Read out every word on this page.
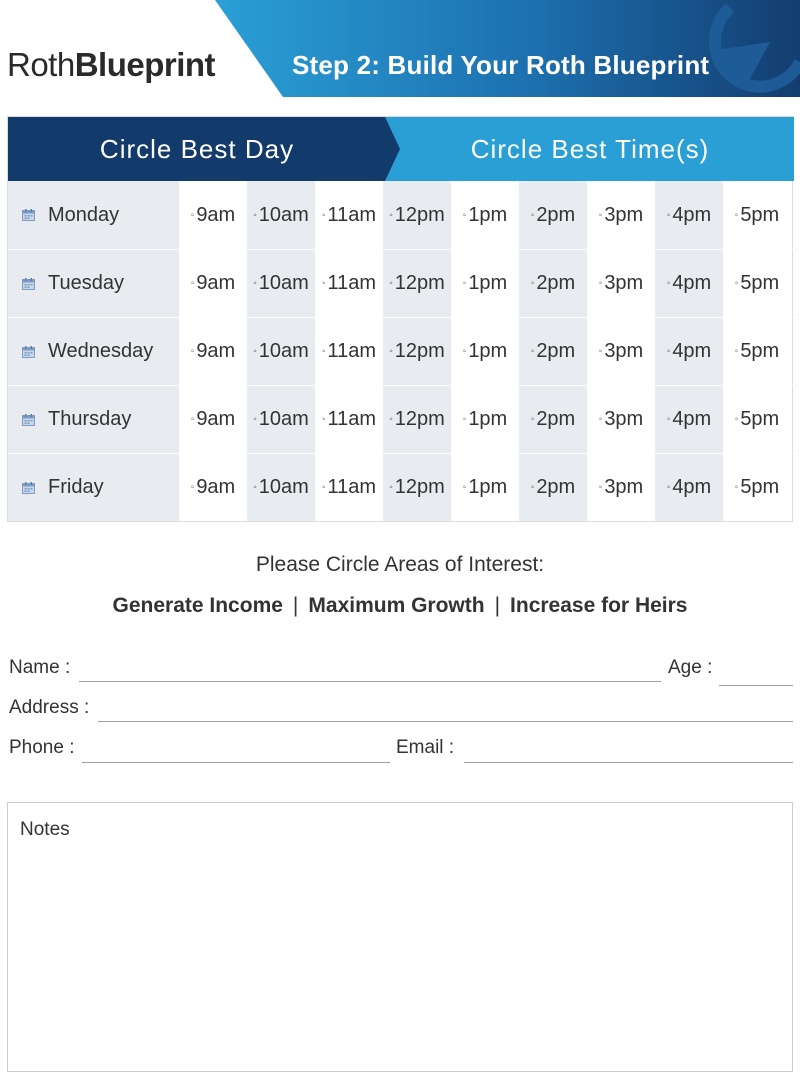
RothBlueprint	Step 2: Build Your Roth Blueprint
Circle Best Day	Circle Best Time(s)
Monday	◦ 9am ◦ 10am ◦ 11am ◦ 12pm ◦ 1pm ◦ 2pm ◦ 3pm ◦ 4pm ◦ 5pm
Tuesday	◦ 9am ◦ 10am ◦ 11am ◦ 12pm ◦ 1pm ◦ 2pm ◦ 3pm ◦ 4pm ◦ 5pm
Wednesday	◦ 9am ◦ 10am ◦ 11am ◦ 12pm ◦ 1pm ◦ 2pm ◦ 3pm ◦ 4pm ◦ 5pm
Thursday	◦ 9am ◦ 10am ◦ 11am ◦ 12pm ◦ 1pm ◦ 2pm ◦ 3pm ◦ 4pm ◦ 5pm
Friday	◦ 9am ◦ 10am ◦ 11am ◦ 12pm ◦ 1pm ◦ 2pm ◦ 3pm ◦ 4pm ◦ 5pm
Please Circle Areas of Interest:
Generate Income | Maximum Growth | Increase for Heirs
Name :	Age :
Address :
Phone :	Email :
Notes
